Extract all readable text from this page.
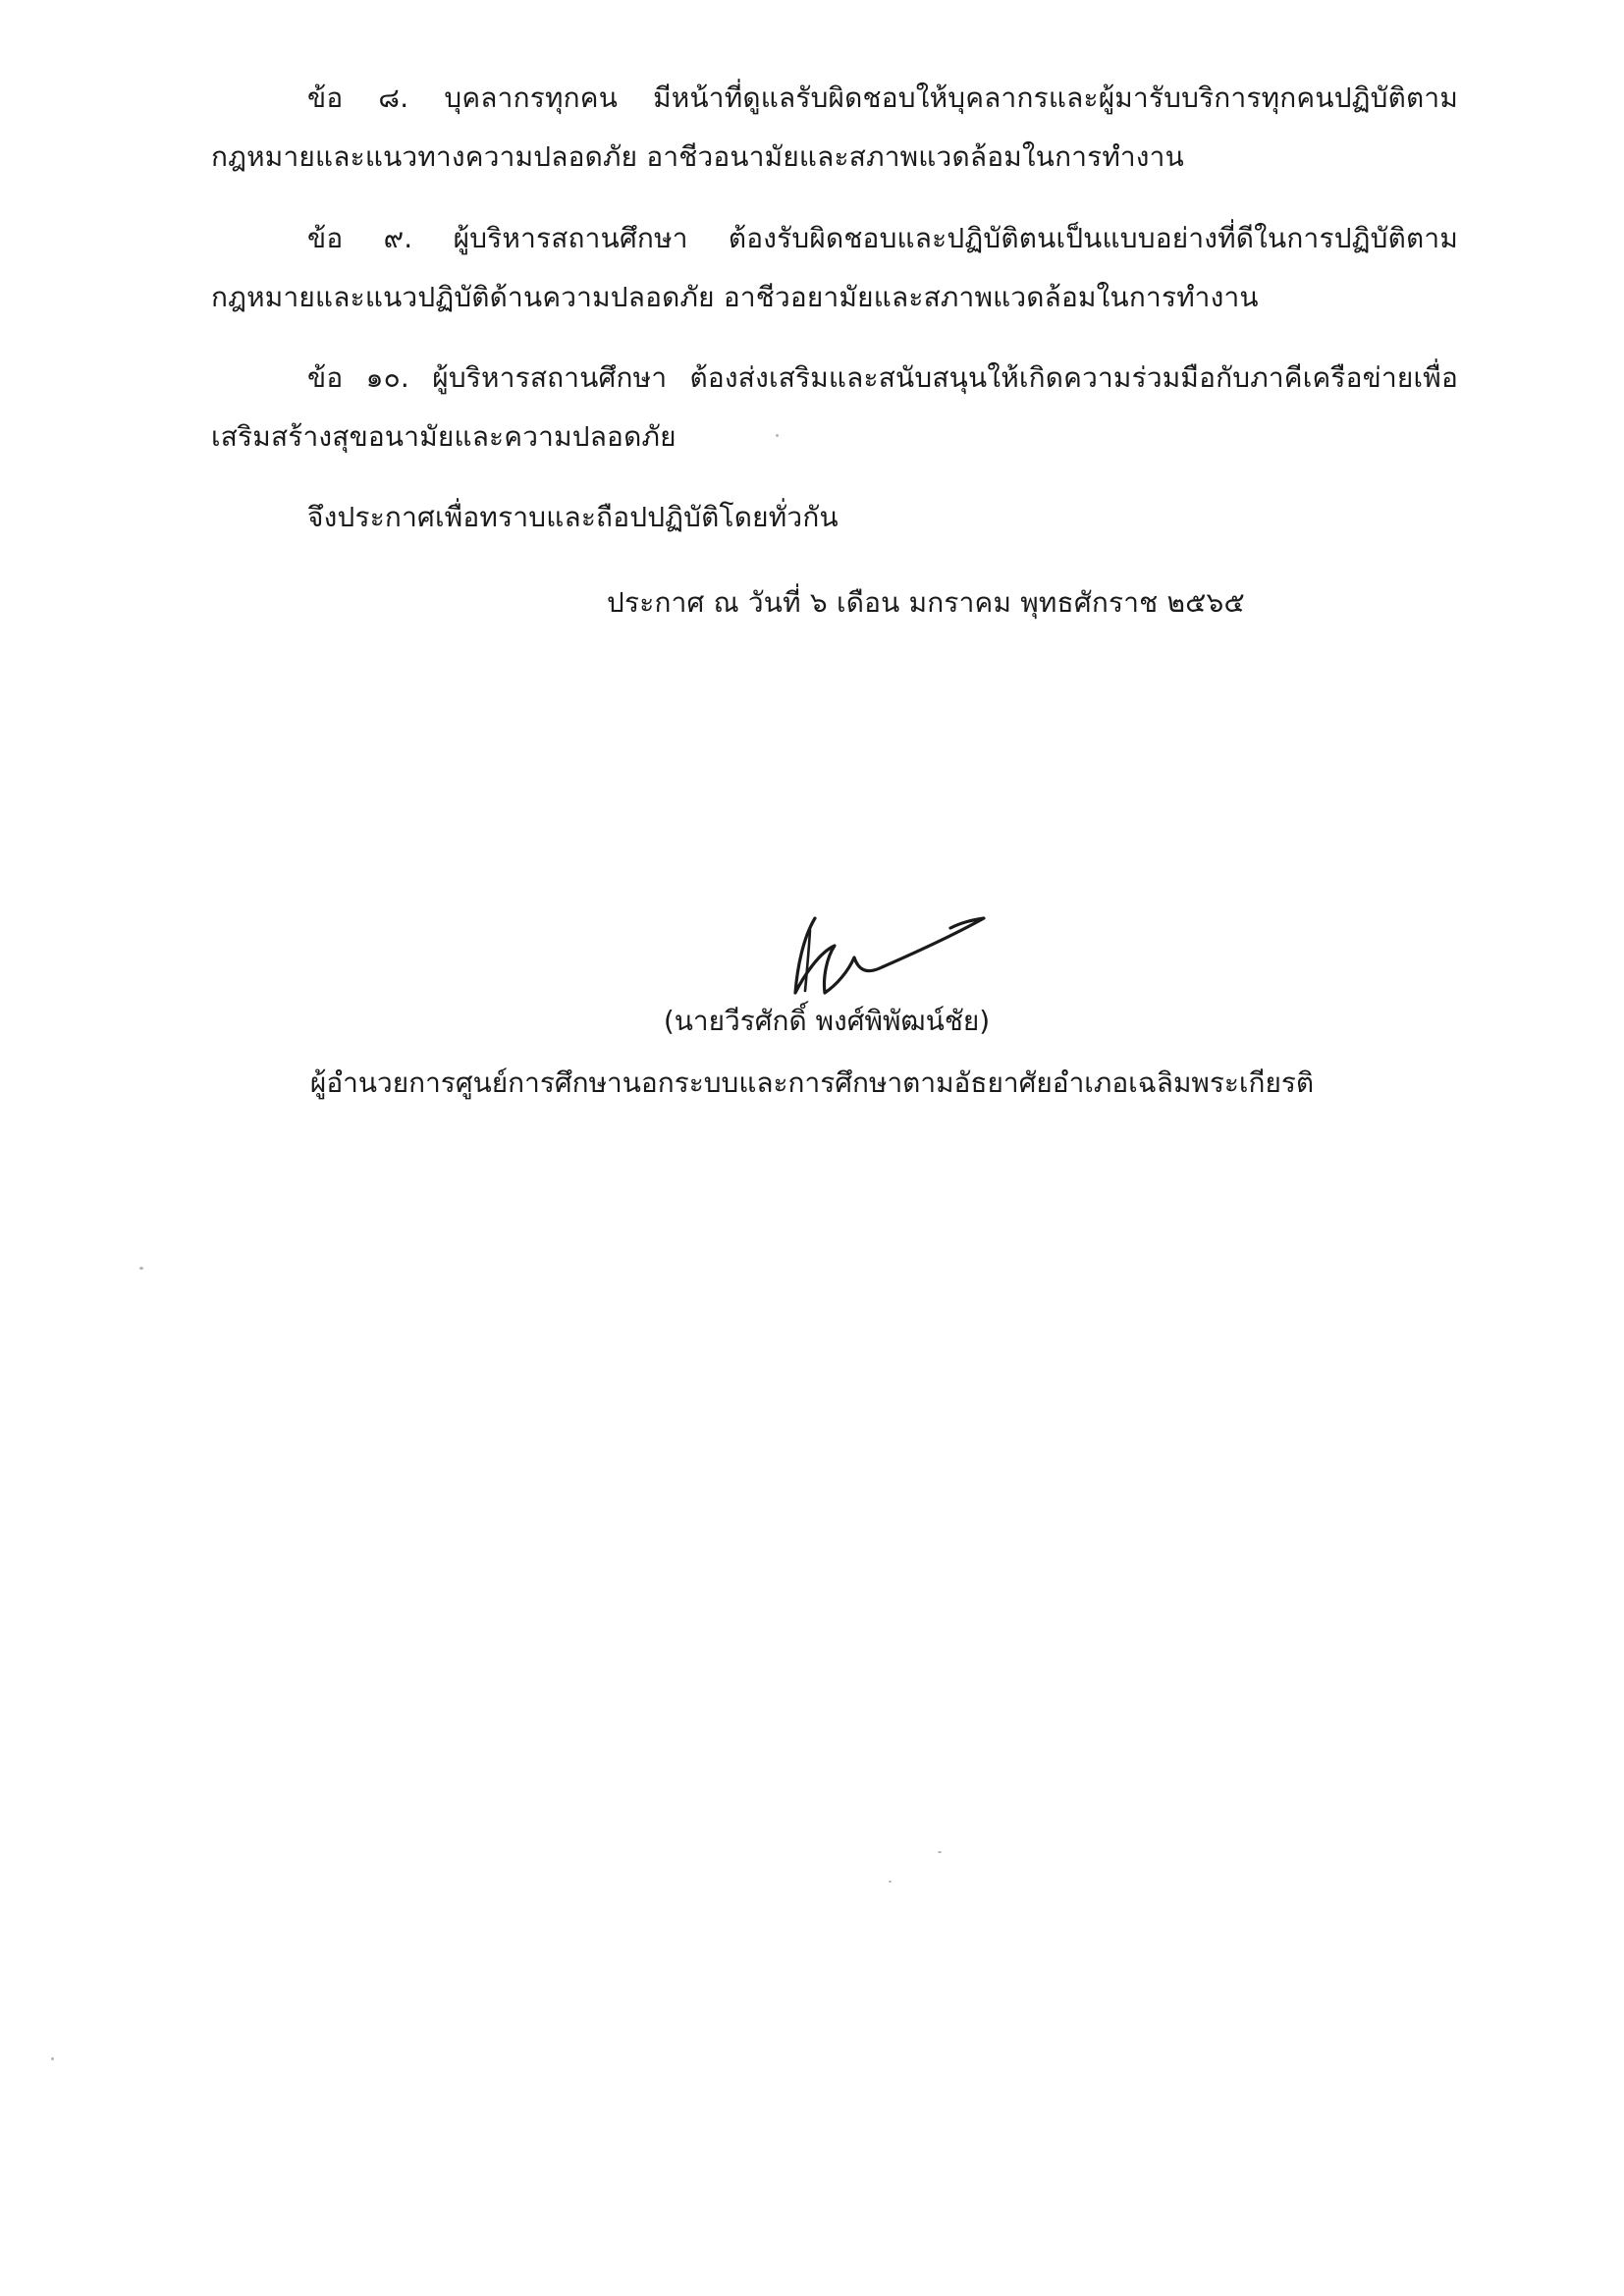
ข้อ ๘. บุคลากรทุกคน มีหน้าที่ดูแลรับผิดชอบให้บุคลากรและผู้มารับบริการทุกคนปฏิบัติตาม
กฎหมายและแนวทางความปลอดภัย อาชีวอนามัยและสภาพแวดล้อมในการทำงาน
ข้อ ๙. ผู้บริหารสถานศึกษา ต้องรับผิดชอบและปฏิบัติตนเป็นแบบอย่างที่ดีในการปฏิบัติตาม
กฎหมายและแนวปฏิบัติด้านความปลอดภัย อาชีวอยามัยและสภาพแวดล้อมในการทำงาน
ข้อ ๑๐. ผู้บริหารสถานศึกษา ต้องส่งเสริมและสนับสนุนให้เกิดความร่วมมือกับภาคีเครือข่ายเพื่อ
เสริมสร้างสุขอนามัยและความปลอดภัย
จึงประกาศเพื่อทราบและถือปปฏิบัติโดยทั่วกัน
ประกาศ ณ วันที่ ๖ เดือน มกราคม พุทธศักราช ๒๕๖๕
(นายวีรศักดิ์ พงศ์พิพัฒน์ชัย)
ผู้อำนวยการศูนย์การศึกษานอกระบบและการศึกษาตามอัธยาศัยอำเภอเฉลิมพระเกียรติ
